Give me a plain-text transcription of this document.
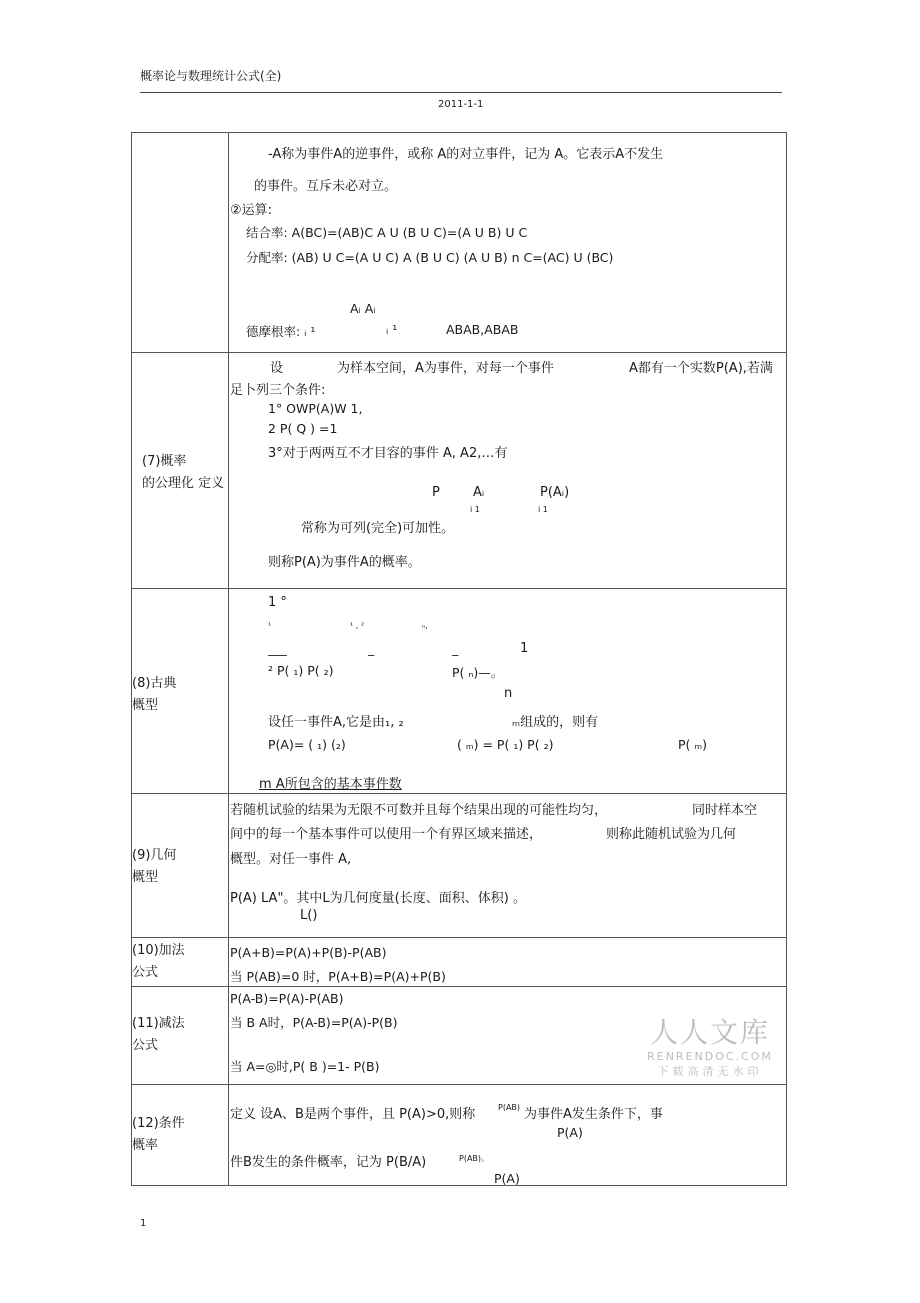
概率论与数理统计公式(全)
2011-1-1
-A称为事件A的逆事件，或称 A的对立事件，记为 A。它表示A不发生
的事件。互斥未必对立。
②运算:
结合率: A(BC)=(AB)C A U (B U C)=(A U B) U C
分配率: (AB) U C=(A U C) A (B U C) (A U B) n C=(AC) U (BC)
Aᵢ Aᵢ
德摩根率: ᵢ ¹	ᵢ ¹	ABAB,ABAB
(7)概率
的公理化 定义
设	为样本空间，A为事件，对每一个事件	A都有一个实数P(A),若满
足卜列三个条件:
1° OWP(A)W 1,
2 P( Q ) =1
3°对于两两互不才目容的事件 A, A2,…有
P	Aᵢ	P(Aᵢ)
i 1	i 1
常称为可列(完全)可加性。
则称P(A)为事件A的概率。
(8)古典
概型
1 °
¹	¹ , ²	ₙ,
___	_	_	1
² P( ₁) P( ₂)	P( ₙ)—。
n
设任一事件A,它是由₁, ₂	ₘ组成的，则有
P(A)= ( ₁) (₂)	( ₘ) = P( ₁) P( ₂)	P( ₘ)
m A所包含的基本事件数
(9)几何
概型
若随机试验的结果为无限不可数并且每个结果出现的可能性均匀，	同时样本空
间中的每一个基本事件可以使用一个有界区域来描述，	则称此随机试验为几何
概型。对任一事件 A,
P(A) LA"。其中L为几何度量(长度、面积、体积) 。
L()
(10)加法
公式
P(A+B)=P(A)+P(B)-P(AB)
当 P(AB)=0 时，P(A+B)=P(A)+P(B)
(11)减法
公式
P(A-B)=P(A)-P(AB)
当 B A时，P(A-B)=P(A)-P(B)
当 A=◎时,P( B )=1- P(B)
(12)条件
概率
定义 设A、B是两个事件，且 P(A)>0,则称	P(AB) 为事件A发生条件下，事
P(A)
件B发生的条件概率，记为 P(B/A)	P(AB)。
P(A)
人人文库
RENRENDOC.COM
下载高清无水印
1
